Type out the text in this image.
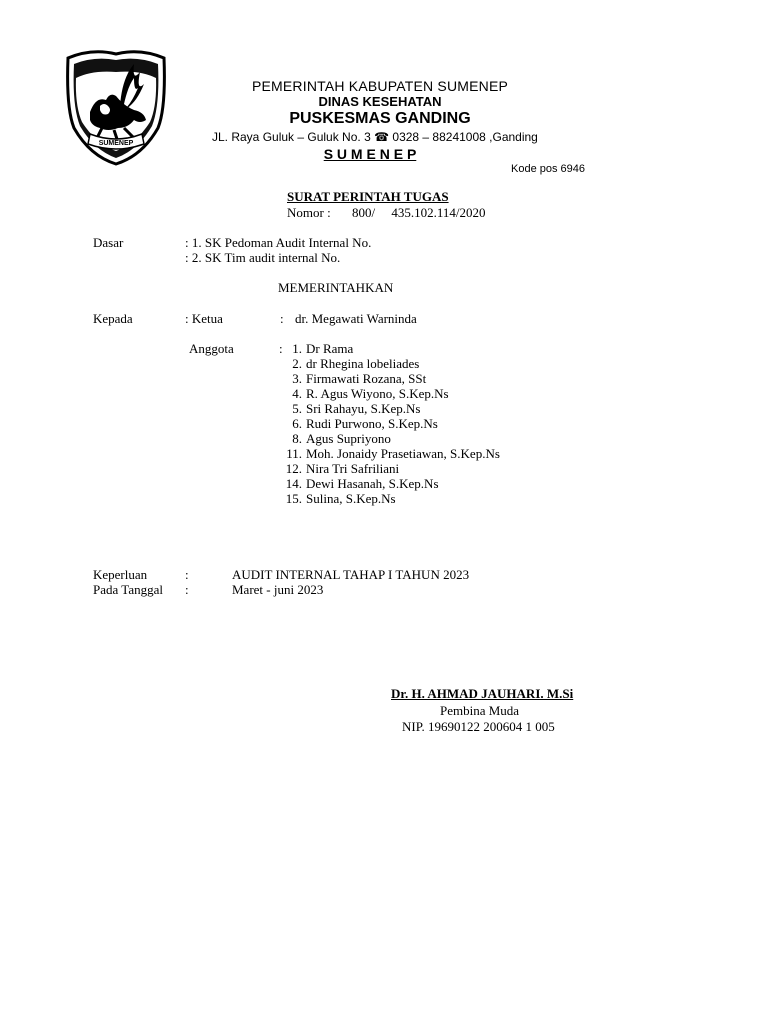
SUMENEP
PEMERINTAH KABUPATEN SUMENEP
DINAS KESEHATAN
PUSKESMAS GANDING
JL. Raya Guluk – Guluk No. 3 ☎ 0328 – 88241008 ,Ganding
S U M E N E P
Kode pos 6946
SURAT PERINTAH TUGAS
Nomor : 800/     435.102.114/2020
Dasar	: 1. SK Pedoman Audit Internal No.
: 2. SK Tim audit internal No.
MEMERINTAHKAN
Kepada	: Ketua	: dr. Megawati Warninda
Anggota	: 1. Dr Rama
2. dr Rhegina lobeliades
3. Firmawati Rozana, SSt
4. R. Agus Wiyono, S.Kep.Ns
5. Sri Rahayu, S.Kep.Ns
6. Rudi Purwono, S.Kep.Ns
8. Agus Supriyono
11. Moh. Jonaidy Prasetiawan, S.Kep.Ns
12. Nira Tri Safriliani
14. Dewi Hasanah, S.Kep.Ns
15. Sulina, S.Kep.Ns
Keperluan	:	AUDIT INTERNAL TAHAP I TAHUN 2023
Pada Tanggal :	Maret - juni 2023
Dr. H. AHMAD JAUHARI. M.Si
Pembina Muda
NIP. 19690122 200604 1 005
